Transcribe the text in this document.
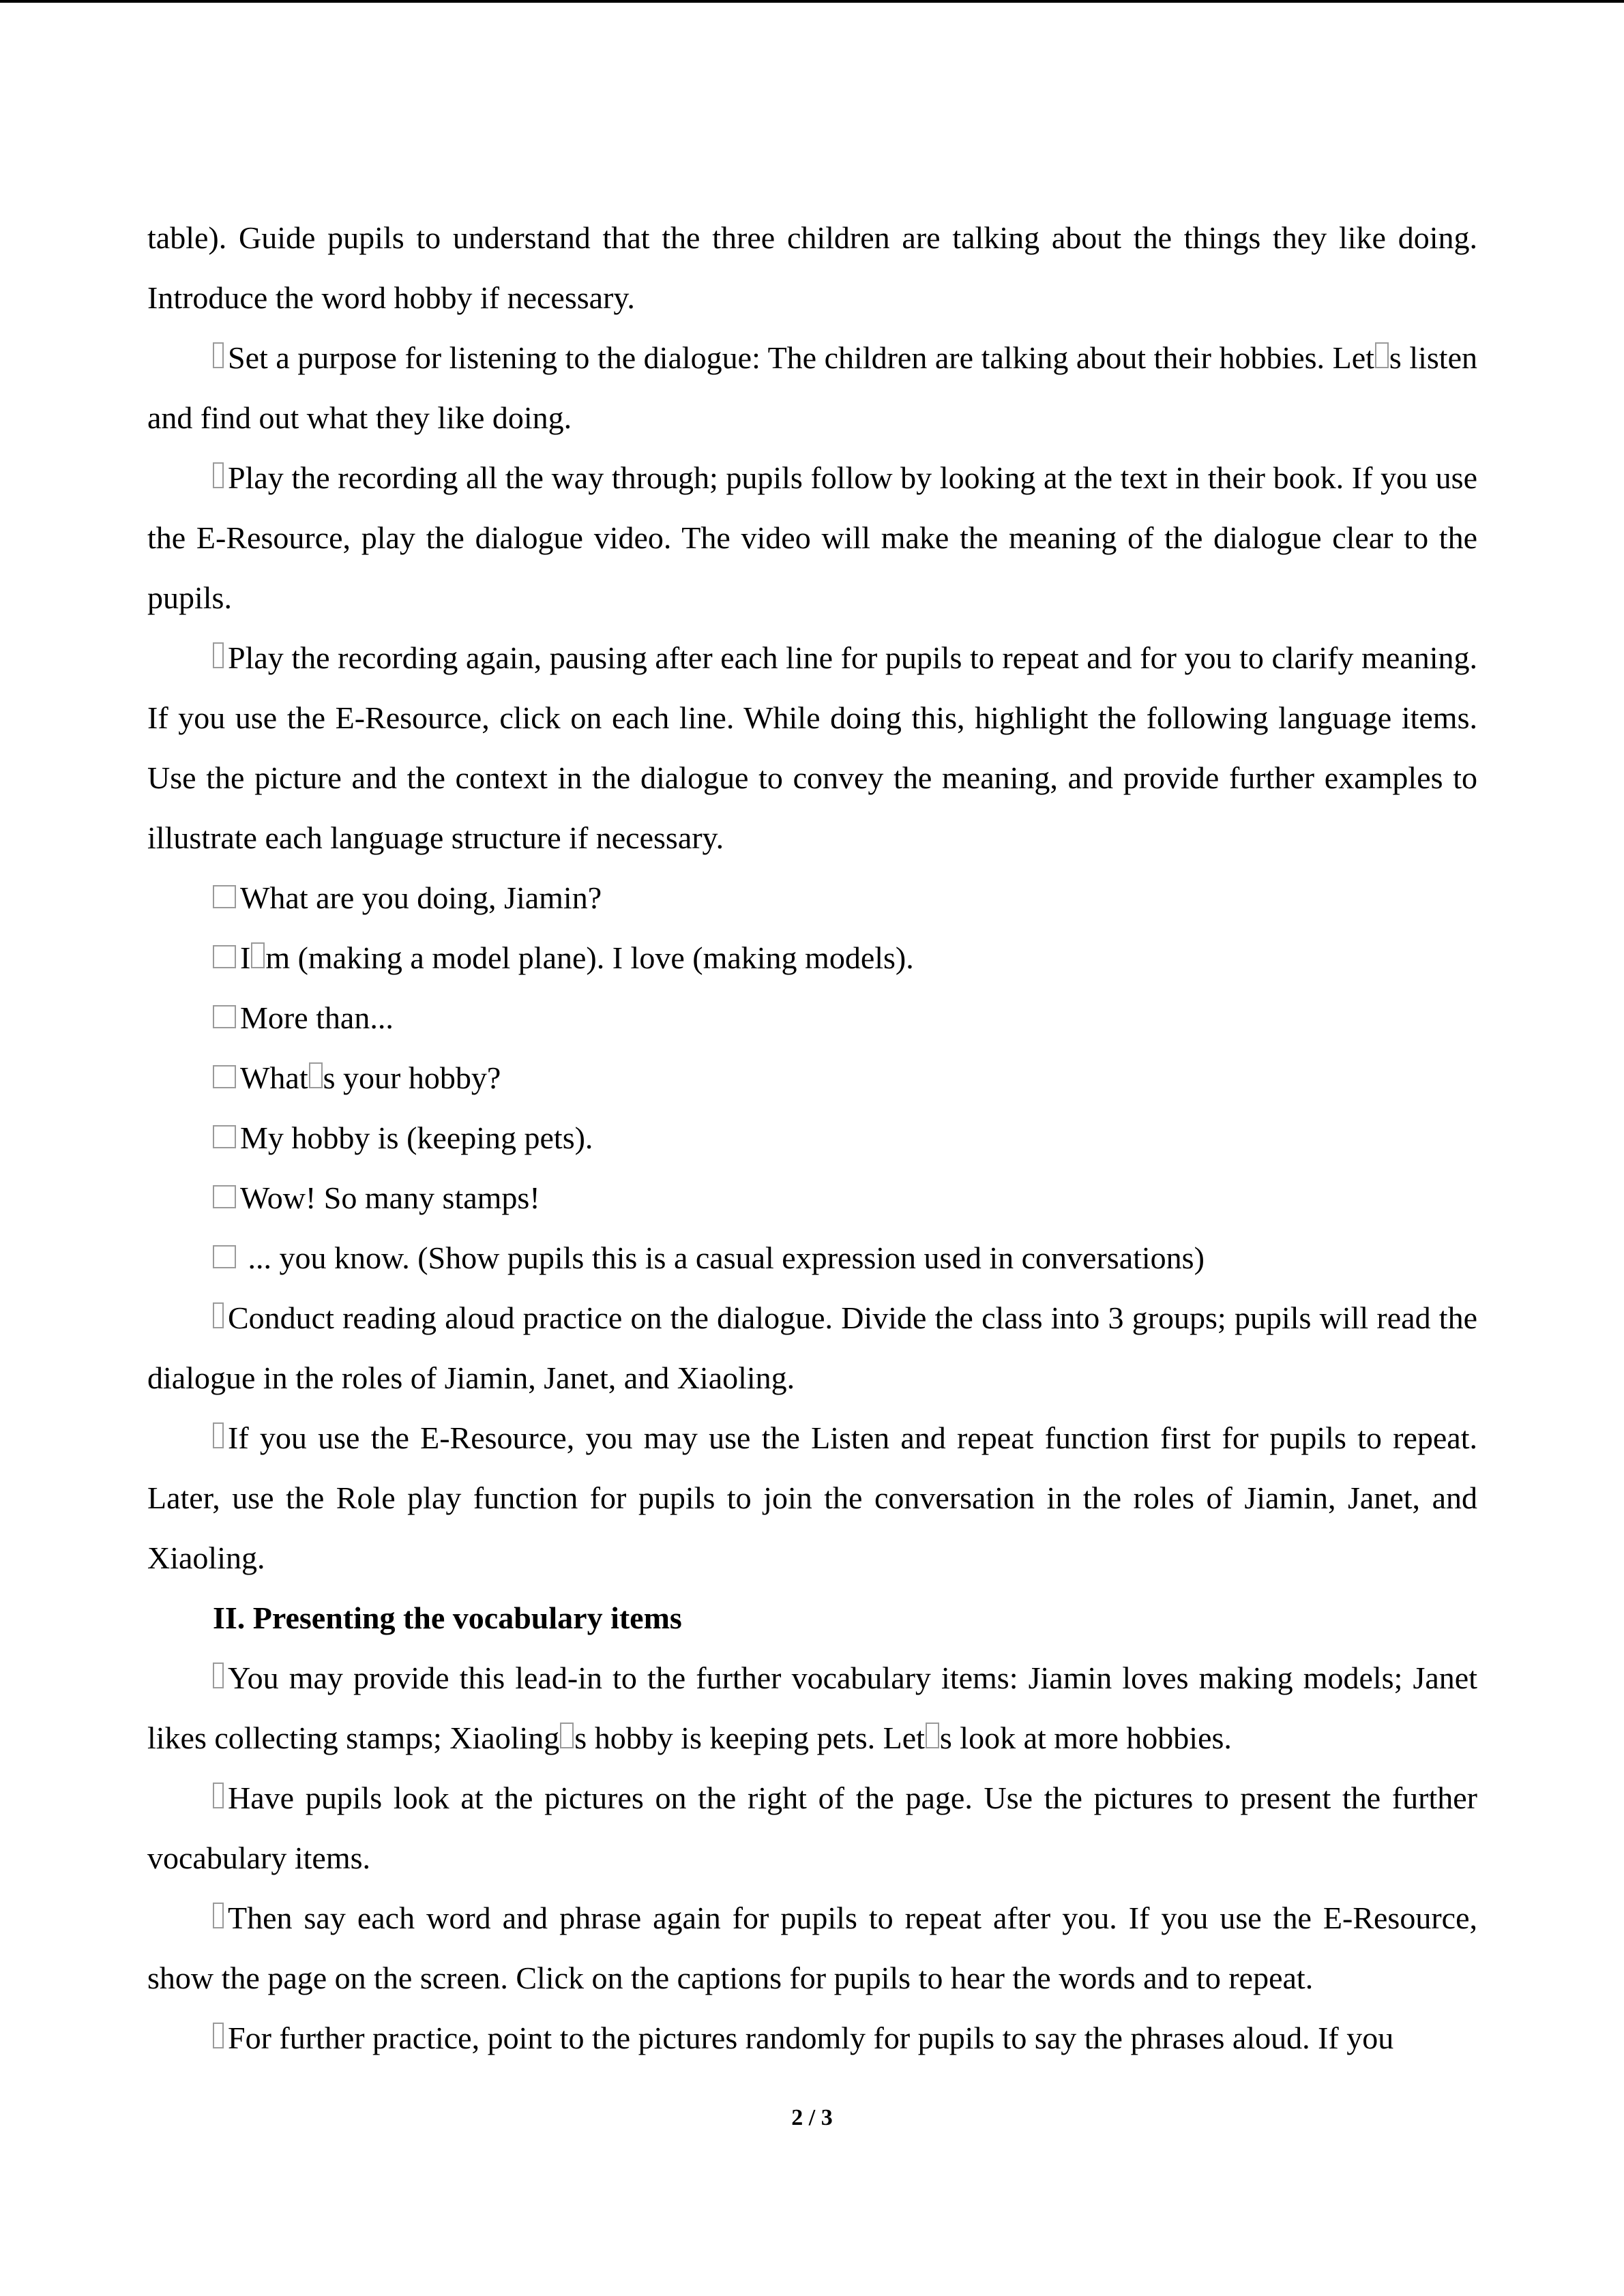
table). Guide pupils to understand that the three children are talking about the things they like doing. Introduce the word hobby if necessary.

Set a purpose for listening to the dialogue: The children are talking about their hobbies. Let s listen and find out what they like doing.

Play the recording all the way through; pupils follow by looking at the text in their book. If you use the E-Resource, play the dialogue video. The video will make the meaning of the dialogue clear to the pupils.

Play the recording again, pausing after each line for pupils to repeat and for you to clarify meaning. If you use the E-Resource, click on each line. While doing this, highlight the following language items. Use the picture and the context in the dialogue to convey the meaning, and provide further examples to illustrate each language structure if necessary.

What are you doing, Jiamin?

I m (making a model plane). I love (making models).

More than...

What s your hobby?

My hobby is (keeping pets).

Wow! So many stamps!

... you know. (Show pupils this is a casual expression used in conversations)

Conduct reading aloud practice on the dialogue. Divide the class into 3 groups; pupils will read the dialogue in the roles of Jiamin, Janet, and Xiaoling.

If you use the E-Resource, you may use the Listen and repeat function first for pupils to repeat. Later, use the Role play function for pupils to join the conversation in the roles of Jiamin, Janet, and Xiaoling.

II. Presenting the vocabulary items

You may provide this lead-in to the further vocabulary items: Jiamin loves making models; Janet likes collecting stamps; Xiaoling s hobby is keeping pets. Let s look at more hobbies.

Have pupils look at the pictures on the right of the page. Use the pictures to present the further vocabulary items.

Then say each word and phrase again for pupils to repeat after you. If you use the E-Resource, show the page on the screen. Click on the captions for pupils to hear the words and to repeat.

For further practice, point to the pictures randomly for pupils to say the phrases aloud. If you

2 / 3
